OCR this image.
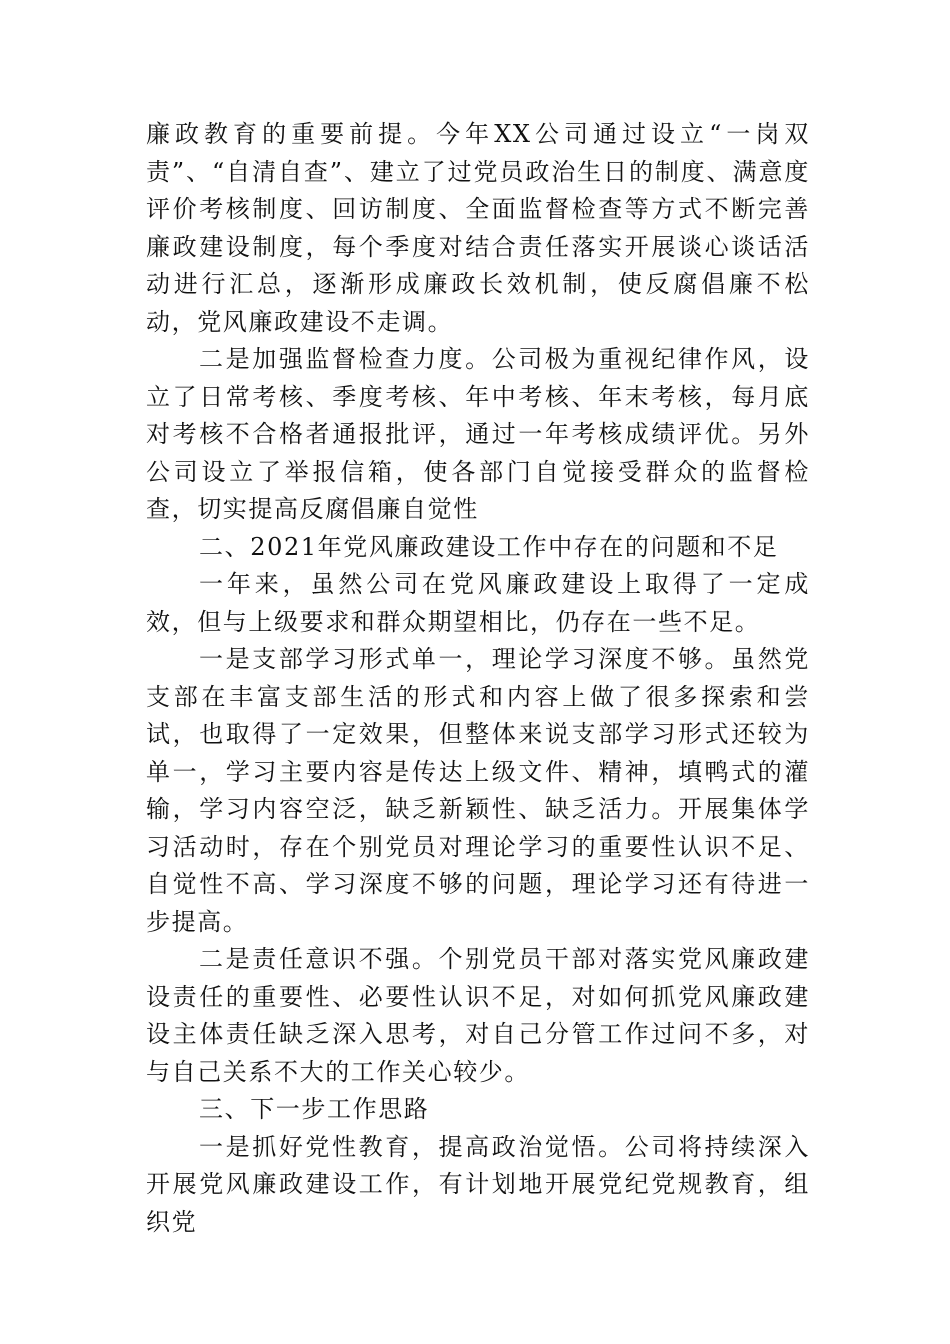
廉政教育的重要前提。今年XX公司通过设立“一岗双责”、“自清自查”、建立了过党员政治生日的制度、满意度评价考核制度、回访制度、全面监督检查等方式不断完善廉政建设制度，每个季度对结合责任落实开展谈心谈话活动进行汇总，逐渐形成廉政长效机制，使反腐倡廉不松动，党风廉政建设不走调。

二是加强监督检查力度。公司极为重视纪律作风，设立了日常考核、季度考核、年中考核、年末考核，每月底对考核不合格者通报批评，通过一年考核成绩评优。另外公司设立了举报信箱，使各部门自觉接受群众的监督检查，切实提高反腐倡廉自觉性

二、2021年党风廉政建设工作中存在的问题和不足

一年来，虽然公司在党风廉政建设上取得了一定成效，但与上级要求和群众期望相比，仍存在一些不足。

一是支部学习形式单一，理论学习深度不够。虽然党支部在丰富支部生活的形式和内容上做了很多探索和尝试，也取得了一定效果，但整体来说支部学习形式还较为单一，学习主要内容是传达上级文件、精神，填鸭式的灌输，学习内容空泛，缺乏新颖性、缺乏活力。开展集体学习活动时，存在个别党员对理论学习的重要性认识不足、自觉性不高、学习深度不够的问题，理论学习还有待进一步提高。

二是责任意识不强。个别党员干部对落实党风廉政建设责任的重要性、必要性认识不足，对如何抓党风廉政建设主体责任缺乏深入思考，对自己分管工作过问不多，对与自己关系不大的工作关心较少。

三、下一步工作思路

一是抓好党性教育，提高政治觉悟。公司将持续深入开展党风廉政建设工作，有计划地开展党纪党规教育，组织党
